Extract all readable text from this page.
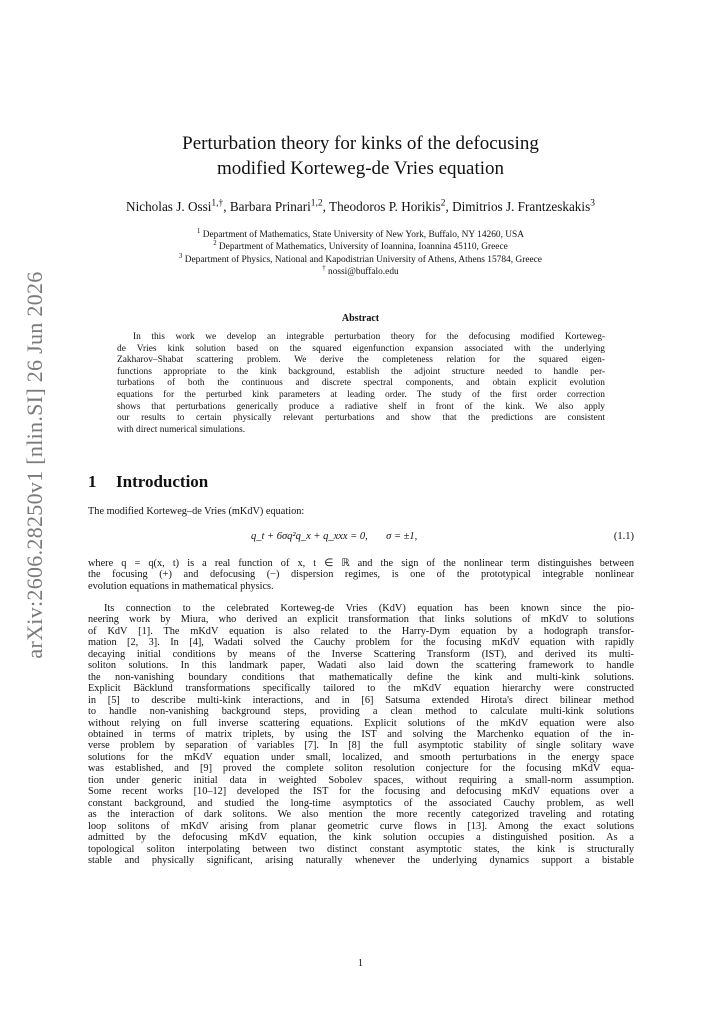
arXiv:2606.28250v1 [nlin.SI] 26 Jun 2026
Perturbation theory for kinks of the defocusing
modified Korteweg-de Vries equation
Nicholas J. Ossi$^{1,\dagger}$, Barbara Prinari$^{1,2}$, Theodoros P. Horikis$^2$, Dimitrios J. Frantzeskakis$^3$
$^1$ Department of Mathematics, State University of New York, Buffalo, NY 14260, USA
$^2$ Department of Mathematics, University of Ioannina, Ioannina 45110, Greece
$^3$ Department of Physics, National and Kapodistrian University of Athens, Athens 15784, Greece
† nossi@buffalo.edu
Abstract
In this work we develop an integrable perturbation theory for the defocusing modified Korteweg-
de Vries kink solution based on the squared eigenfunction expansion associated with the underlying
Zakharov–Shabat scattering problem. We derive the completeness relation for the squared eigen-
functions appropriate to the kink background, establish the adjoint structure needed to handle per-
turbations of both the continuous and discrete spectral components, and obtain explicit evolution
equations for the perturbed kink parameters at leading order. The study of the first order correction
shows that perturbations generically produce a radiative shelf in front of the kink. We also apply
our results to certain physically relevant perturbations and show that the predictions are consistent
with direct numerical simulations.
1 Introduction
The modified Korteweg–de Vries (mKdV) equation:
q_t + 6σq²q_x + q_xxx = 0, σ = ±1,	(1.1)
where q = q(x, t) is a real function of x, t ∈ ℝ and the sign of the nonlinear term distinguishes between
the focusing (+) and defocusing (−) dispersion regimes, is one of the prototypical integrable nonlinear
evolution equations in mathematical physics.
Its connection to the celebrated Korteweg-de Vries (KdV) equation has been known since the pio-
neering work by Miura, who derived an explicit transformation that links solutions of mKdV to solutions
of KdV [1]. The mKdV equation is also related to the Harry-Dym equation by a hodograph transfor-
mation [2, 3]. In [4], Wadati solved the Cauchy problem for the focusing mKdV equation with rapidly
decaying initial conditions by means of the Inverse Scattering Transform (IST), and derived its multi-
soliton solutions. In this landmark paper, Wadati also laid down the scattering framework to handle
the non-vanishing boundary conditions that mathematically define the kink and multi-kink solutions.
Explicit Bäcklund transformations specifically tailored to the mKdV equation hierarchy were constructed
in [5] to describe multi-kink interactions, and in [6] Satsuma extended Hirota's direct bilinear method
to handle non-vanishing background steps, providing a clean method to calculate multi-kink solutions
without relying on full inverse scattering equations. Explicit solutions of the mKdV equation were also
obtained in terms of matrix triplets, by using the IST and solving the Marchenko equation of the in-
verse problem by separation of variables [7]. In [8] the full asymptotic stability of single solitary wave
solutions for the mKdV equation under small, localized, and smooth perturbations in the energy space
was established, and [9] proved the complete soliton resolution conjecture for the focusing mKdV equa-
tion under generic initial data in weighted Sobolev spaces, without requiring a small-norm assumption.
Some recent works [10–12] developed the IST for the focusing and defocusing mKdV equations over a
constant background, and studied the long-time asymptotics of the associated Cauchy problem, as well
as the interaction of dark solitons. We also mention the more recently categorized traveling and rotating
loop solitons of mKdV arising from planar geometric curve flows in [13]. Among the exact solutions
admitted by the defocusing mKdV equation, the kink solution occupies a distinguished position. As a
topological soliton interpolating between two distinct constant asymptotic states, the kink is structurally
stable and physically significant, arising naturally whenever the underlying dynamics support a bistable
1
